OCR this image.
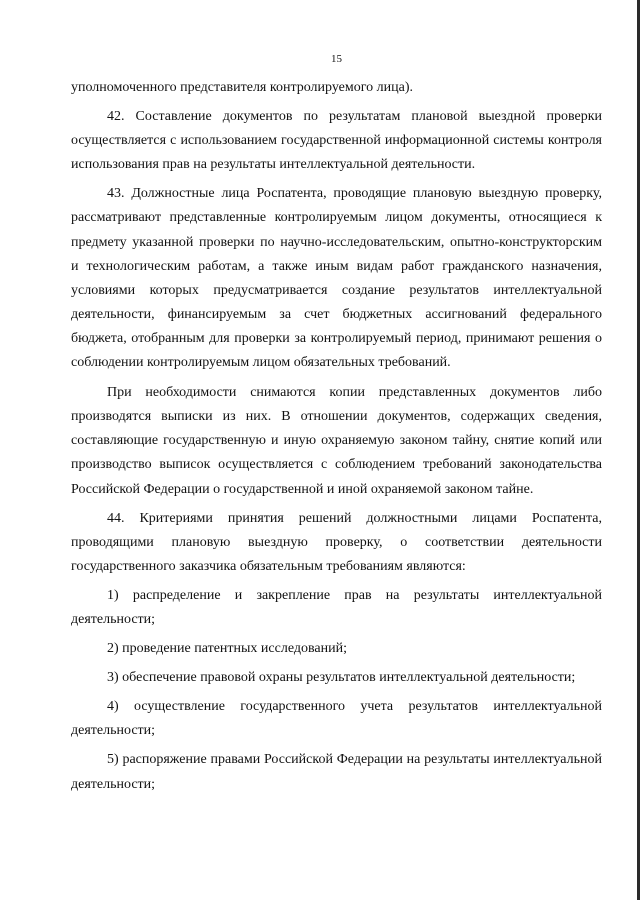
15

уполномоченного представителя контролируемого лица).

42. Составление документов по результатам плановой выездной проверки осуществляется с использованием государственной информационной системы контроля использования прав на результаты интеллектуальной деятельности.

43. Должностные лица Роспатента, проводящие плановую выездную проверку, рассматривают представленные контролируемым лицом документы, относящиеся к предмету указанной проверки по научно-исследовательским, опытно-конструкторским и технологическим работам, а также иным видам работ гражданского назначения, условиями которых предусматривается создание результатов интеллектуальной деятельности, финансируемым за счет бюджетных ассигнований федерального бюджета, отобранным для проверки за контролируемый период, принимают решения о соблюдении контролируемым лицом обязательных требований.

При необходимости снимаются копии представленных документов либо производятся выписки из них. В отношении документов, содержащих сведения, составляющие государственную и иную охраняемую законом тайну, снятие копий или производство выписок осуществляется с соблюдением требований законодательства Российской Федерации о государственной и иной охраняемой законом тайне.

44. Критериями принятия решений должностными лицами Роспатента, проводящими плановую выездную проверку, о соответствии деятельности государственного заказчика обязательным требованиям являются:

1) распределение и закрепление прав на результаты интеллектуальной деятельности;

2) проведение патентных исследований;

3) обеспечение правовой охраны результатов интеллектуальной деятельности;

4) осуществление государственного учета результатов интеллектуальной деятельности;

5) распоряжение правами Российской Федерации на результаты интеллектуальной деятельности;
